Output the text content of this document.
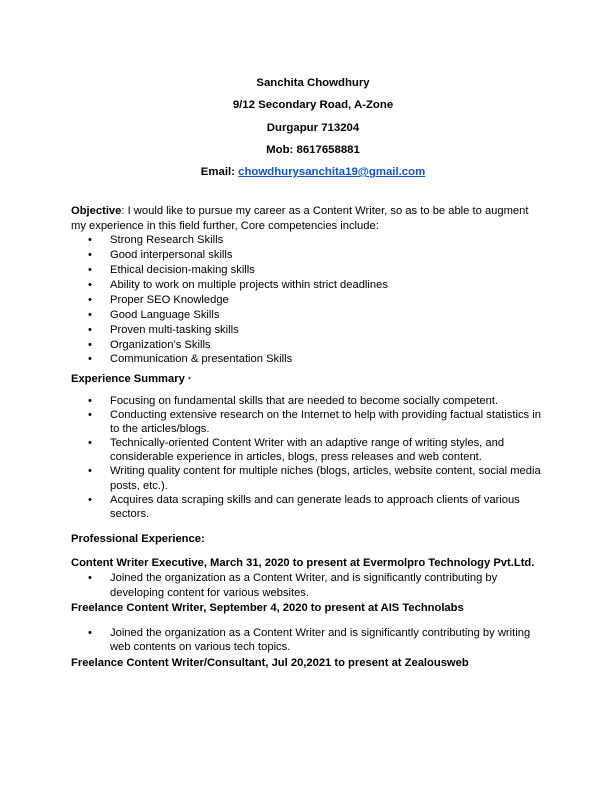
Sanchita Chowdhury
9/12 Secondary Road, A-Zone
Durgapur 713204
Mob: 8617658881
Email: chowdhurysanchita19@gmail.com

Objective: I would like to pursue my career as a Content Writer, so as to be able to augment my experience in this field further, Core competencies include:

• Strong Research Skills
• Good interpersonal skills
• Ethical decision-making skills
• Ability to work on multiple projects within strict deadlines
• Proper SEO Knowledge
• Good Language Skills
• Proven multi-tasking skills
• Organization’s Skills
• Communication & presentation Skills

Experience Summary ·

• Focusing on fundamental skills that are needed to become socially competent.
• Conducting extensive research on the Internet to help with providing factual statistics in to the articles/blogs.
• Technically-oriented Content Writer with an adaptive range of writing styles, and considerable experience in articles, blogs, press releases and web content.
• Writing quality content for multiple niches (blogs, articles, website content, social media posts, etc.).
• Acquires data scraping skills and can generate leads to approach clients of various sectors.

Professional Experience:

Content Writer Executive, March 31, 2020 to present at Evermolpro Technology Pvt.Ltd.

• Joined the organization as a Content Writer, and is significantly contributing by developing content for various websites.

Freelance Content Writer, September 4, 2020 to present at AIS Technolabs

• Joined the organization as a Content Writer and is significantly contributing by writing web contents on various tech topics.

Freelance Content Writer/Consultant, Jul 20,2021 to present at Zealousweb
